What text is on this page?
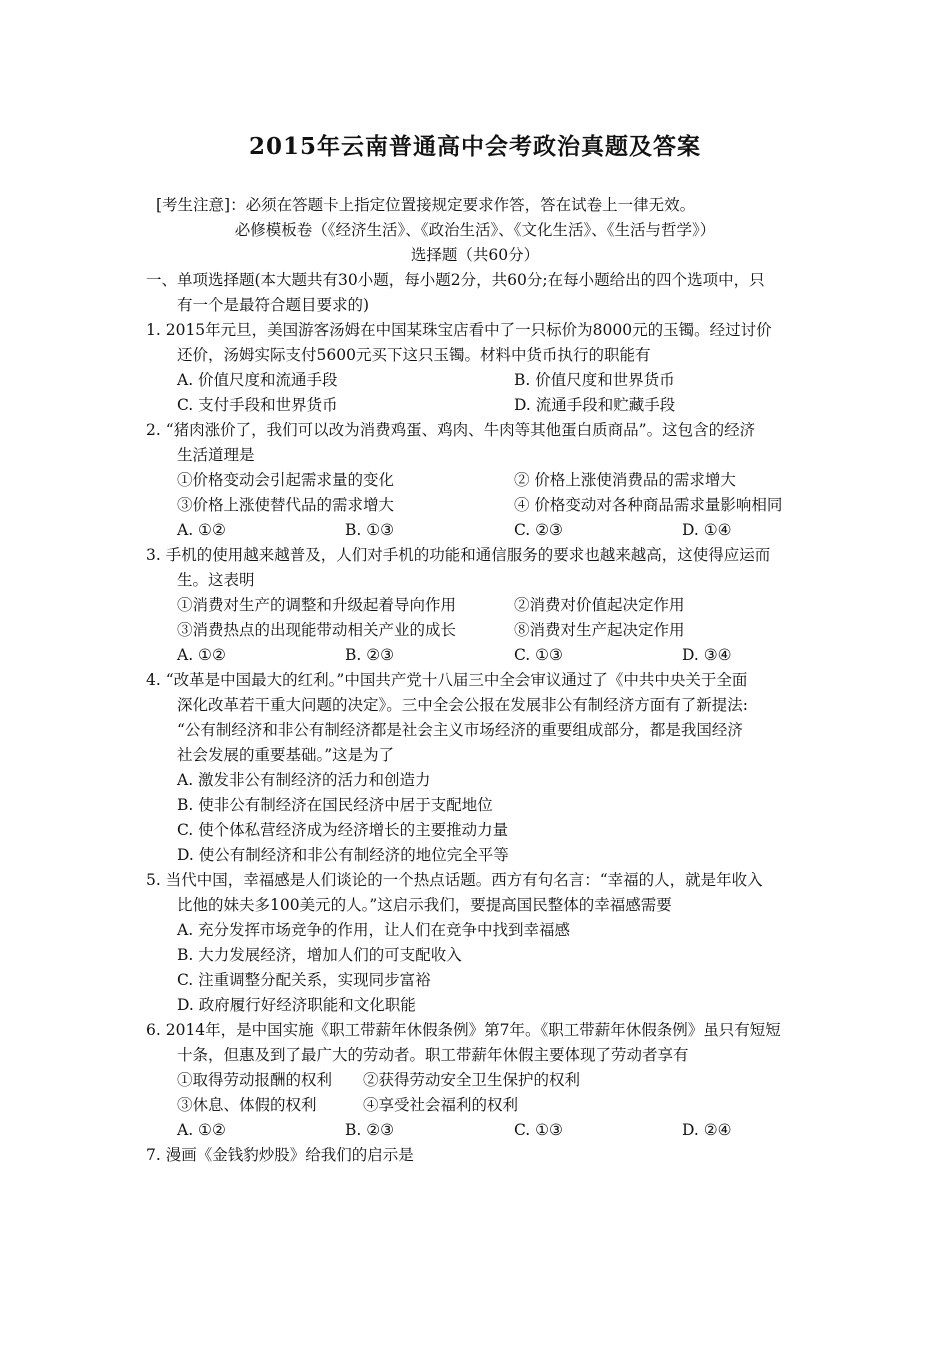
2015年云南普通高中会考政治真题及答案
[考生注意]：必须在答题卡上指定位置接规定要求作答，答在试卷上一律无效。
必修模板卷（《经济生活》、《政治生活》、《文化生活》、《生活与哲学》）
选择题（共60分）
一、单项选择题(本大题共有30小题，每小题2分，共60分;在每小题给出的四个选项中，只
有一个是最符合题目要求的)
1. 2015年元旦，美国游客汤姆在中国某珠宝店看中了一只标价为8000元的玉镯。经过讨价
还价，汤姆实际支付5600元买下这只玉镯。材料中货币执行的职能有
A. 价值尺度和流通手段	B. 价值尺度和世界货币
C. 支付手段和世界货币	D. 流通手段和贮藏手段
2. “猪肉涨价了，我们可以改为消费鸡蛋、鸡肉、牛肉等其他蛋白质商品”。这包含的经济
生活道理是
①价格变动会引起需求量的变化	② 价格上涨使消费品的需求增大
③价格上涨使替代品的需求增大	④ 价格变动对各种商品需求量影响相同
A. ①②	B. ①③	C. ②③	D. ①④
3. 手机的使用越来越普及，人们对手机的功能和通信服务的要求也越来越高，这使得应运而
生。这表明
①消费对生产的调整和升级起着导向作用	②消费对价值起决定作用
③消费热点的出现能带动相关产业的成长	⑧消费对生产起决定作用
A. ①②	B. ②③	C. ①③	D. ③④
4. “改革是中国最大的红利。”中国共产党十八届三中全会审议通过了《中共中央关于全面
深化改革若干重大问题的决定》。三中全会公报在发展非公有制经济方面有了新提法:
“公有制经济和非公有制经济都是社会主义市场经济的重要组成部分，都是我国经济
社会发展的重要基础。”这是为了
A. 激发非公有制经济的活力和创造力
B. 使非公有制经济在国民经济中居于支配地位
C. 使个体私营经济成为经济增长的主要推动力量
D. 使公有制经济和非公有制经济的地位完全平等
5. 当代中国，幸福感是人们谈论的一个热点话题。西方有句名言：“幸福的人，就是年收入
比他的妹夫多100美元的人。”这启示我们，要提高国民整体的幸福感需要
A. 充分发挥市场竞争的作用，让人们在竞争中找到幸福感
B. 大力发展经济，增加人们的可支配收入
C. 注重调整分配关系，实现同步富裕
D. 政府履行好经济职能和文化职能
6. 2014年，是中国实施《职工带薪年休假条例》第7年。《职工带薪年休假条例》虽只有短短
十条，但惠及到了最广大的劳动者。职工带薪年休假主要体现了劳动者享有
①取得劳动报酬的权利　　②获得劳动安全卫生保护的权利
③休息、体假的权利　　　④享受社会福利的权利
A. ①②	B. ②③	C. ①③	D. ②④
7. 漫画《金钱豹炒股》给我们的启示是
